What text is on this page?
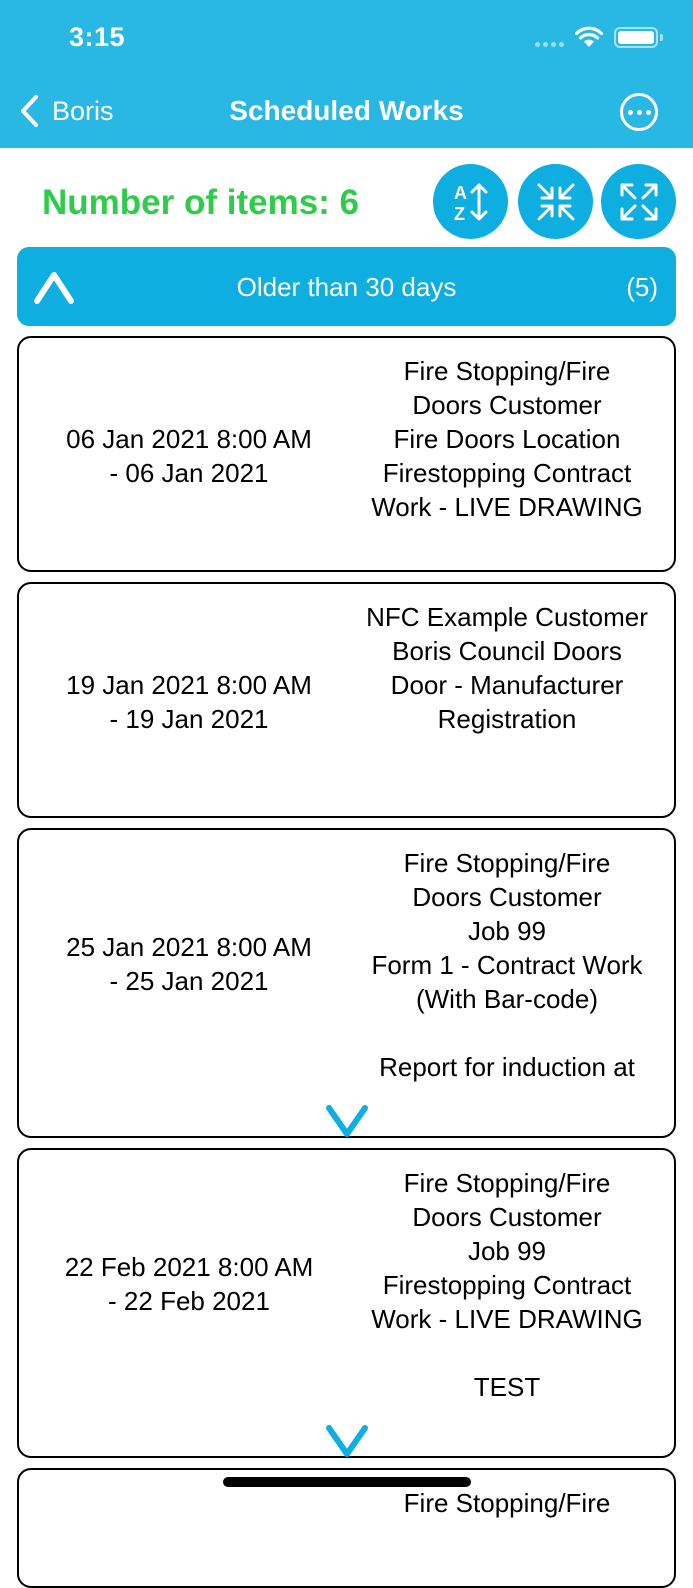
3:15
Boris	Scheduled Works
Number of items: 6	A
Z
Older than 30 days	(5)
06 Jan 2021 8:00 AM
- 06 Jan 2021
Fire Stopping/Fire
Doors Customer
Fire Doors Location
Firestopping Contract
Work - LIVE DRAWING
19 Jan 2021 8:00 AM
- 19 Jan 2021
NFC Example Customer
Boris Council Doors
Door - Manufacturer
Registration
25 Jan 2021 8:00 AM
- 25 Jan 2021
Fire Stopping/Fire
Doors Customer
Job 99
Form 1 - Contract Work
(With Bar-code)

Report for induction at
22 Feb 2021 8:00 AM
- 22 Feb 2021
Fire Stopping/Fire
Doors Customer
Job 99
Firestopping Contract
Work - LIVE DRAWING

TEST
Fire Stopping/Fire
